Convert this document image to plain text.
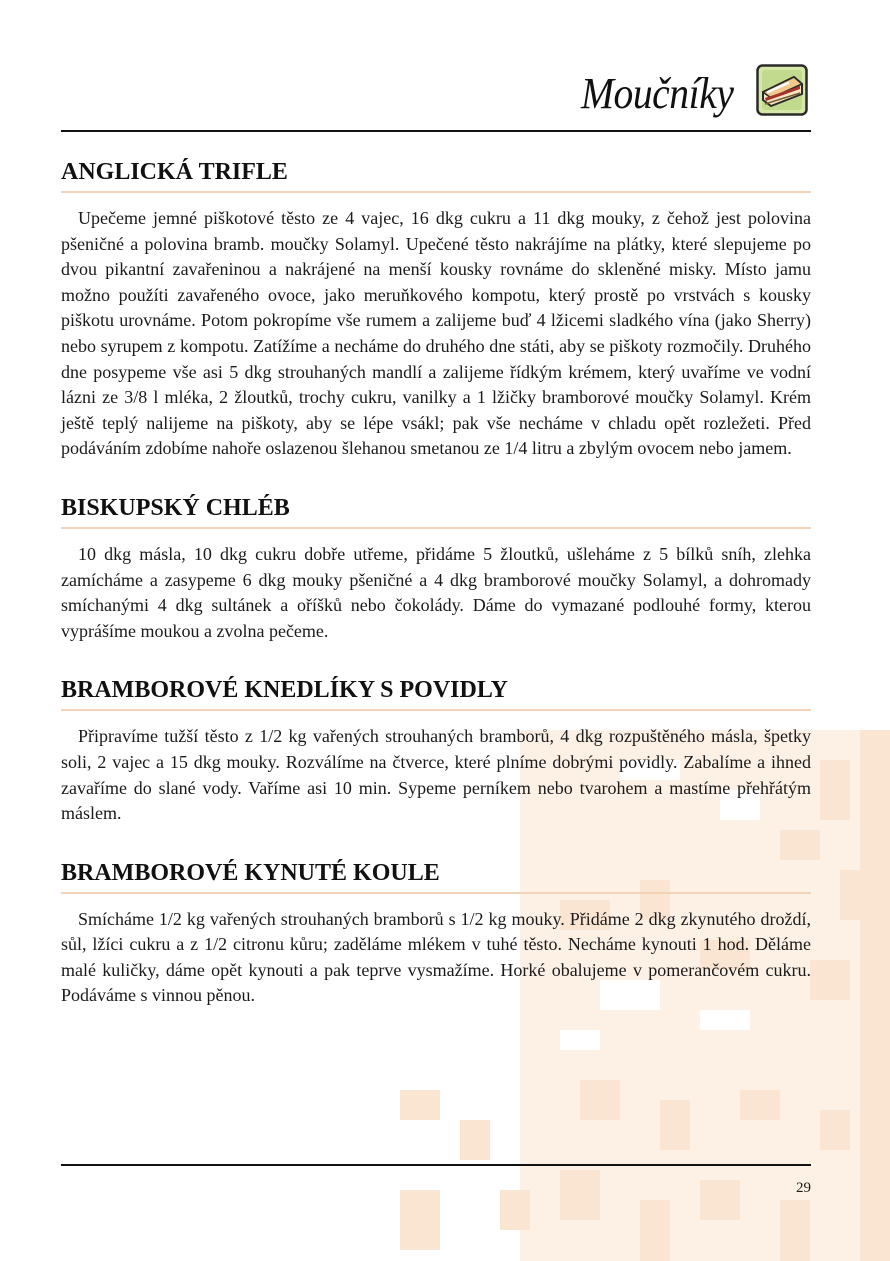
Moučníky
ANGLICKÁ TRIFLE

Upečeme jemné piškotové těsto ze 4 vajec, 16 dkg cukru a 11 dkg mouky, z čehož jest polovina pšeničné a polovina bramb. moučky Solamyl. Upečené těsto nakrájíme na plátky, které slepujeme po dvou pikantní zavařeninou a nakrájené na menší kousky rovnáme do skleněné misky. Místo jamu možno použíti zavařeného ovoce, jako meruňkového kompotu, který prostě po vrstvách s kousky piškotu urovnáme. Potom pokropíme vše rumem a zalijeme buď 4 lžicemi sladkého vína (jako Sherry) nebo syrupem z kompotu. Zatížíme a necháme do druhého dne státi, aby se piškoty rozmočily. Druhého dne posypeme vše asi 5 dkg strouhaných mandlí a zalijeme řídkým krémem, který uvaříme ve vodní lázni ze 3/8 l mléka, 2 žloutků, trochy cukru, vanilky a 1 lžičky bramborové moučky Solamyl. Krém ještě teplý nalijeme na piškoty, aby se lépe vsákl; pak vše necháme v chladu opět rozležeti. Před podáváním zdobíme nahoře oslazenou šlehanou smetanou ze 1/4 litru a zbylým ovocem nebo jamem.

BISKUPSKÝ CHLÉB

10 dkg másla, 10 dkg cukru dobře utřeme, přidáme 5 žloutků, ušleháme z 5 bílků sníh, zlehka zamícháme a zasypeme 6 dkg mouky pšeničné a 4 dkg bramborové moučky Solamyl, a dohromady smíchanými 4 dkg sultánek a oříšků nebo čokolády. Dáme do vymazané podlouhé formy, kterou vyprášíme moukou a zvolna pečeme.

BRAMBOROVÉ KNEDLÍKY S POVIDLY

Připravíme tužší těsto z 1/2 kg vařených strouhaných bramborů, 4 dkg rozpuštěného másla, špetky soli, 2 vajec a 15 dkg mouky. Rozválíme na čtverce, které plníme dobrými povidly. Zabalíme a ihned zavaříme do slané vody. Vaříme asi 10 min. Sypeme perníkem nebo tvarohem a mastíme přehřátým máslem.

BRAMBOROVÉ KYNUTÉ KOULE

Smícháme 1/2 kg vařených strouhaných bramborů s 1/2 kg mouky. Přidáme 2 dkg zkynutého droždí, sůl, lžíci cukru a z 1/2 citronu kůru; zaděláme mlékem v tuhé těsto. Necháme kynouti 1 hod. Děláme malé kuličky, dáme opět kynouti a pak teprve vysmažíme. Horké obalujeme v pomerančovém cukru. Podáváme s vinnou pěnou.

29
